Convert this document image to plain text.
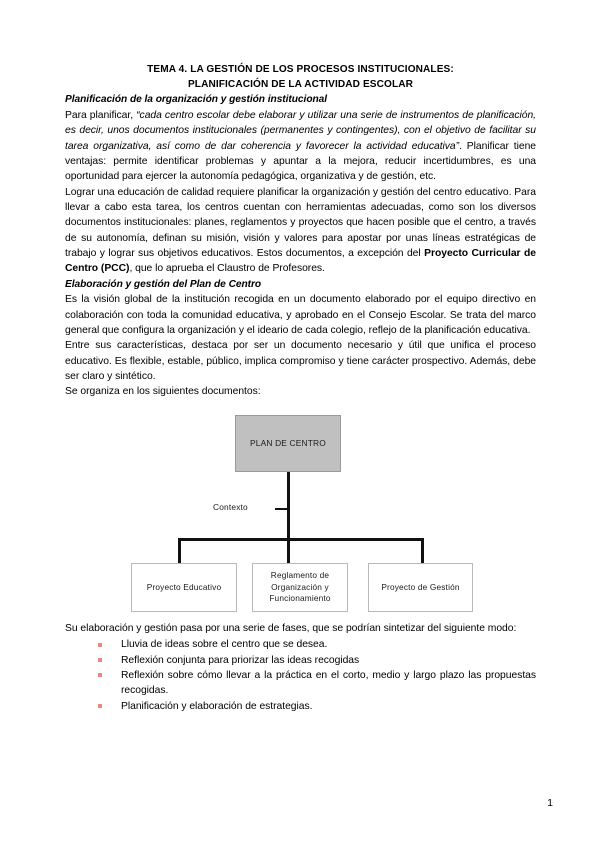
TEMA 4. LA GESTIÓN DE LOS PROCESOS INSTITUCIONALES:
PLANIFICACIÓN DE LA ACTIVIDAD ESCOLAR
Planificación de la organización y gestión institucional

Para planificar, “cada centro escolar debe elaborar y utilizar una serie de instrumentos de planificación, es decir, unos documentos institucionales (permanentes y contingentes), con el objetivo de facilitar su tarea organizativa, así como de dar coherencia y favorecer la actividad educativa”. Planificar tiene ventajas: permite identificar problemas y apuntar a la mejora, reducir incertidumbres, es una oportunidad para ejercer la autonomía pedagógica, organizativa y de gestión, etc.

Lograr una educación de calidad requiere planificar la organización y gestión del centro educativo. Para llevar a cabo esta tarea, los centros cuentan con herramientas adecuadas, como son los diversos documentos institucionales: planes, reglamentos y proyectos que hacen posible que el centro, a través de su autonomía, definan su misión, visión y valores para apostar por unas líneas estratégicas de trabajo y lograr sus objetivos educativos. Estos documentos, a excepción del Proyecto Curricular de Centro (PCC), que lo aprueba el Claustro de Profesores.

Elaboración y gestión del Plan de Centro

Es la visión global de la institución recogida en un documento elaborado por el equipo directivo en colaboración con toda la comunidad educativa, y aprobado en el Consejo Escolar. Se trata del marco general que configura la organización y el ideario de cada colegio, reflejo de la planificación educativa.

Entre sus características, destaca por ser un documento necesario y útil que unifica el proceso educativo. Es flexible, estable, público, implica compromiso y tiene carácter prospectivo. Además, debe ser claro y sintético.

Se organiza en los siguientes documentos:

PLAN DE CENTRO
Contexto
Proyecto Educativo
Reglamento de Organización y Funcionamiento
Proyecto de Gestión

Su elaboración y gestión pasa por una serie de fases, que se podrían sintetizar del siguiente modo:

Lluvia de ideas sobre el centro que se desea.
Reflexión conjunta para priorizar las ideas recogidas
Reflexión sobre cómo llevar a la práctica en el corto, medio y largo plazo las propuestas recogidas.
Planificación y elaboración de estrategias.
1
